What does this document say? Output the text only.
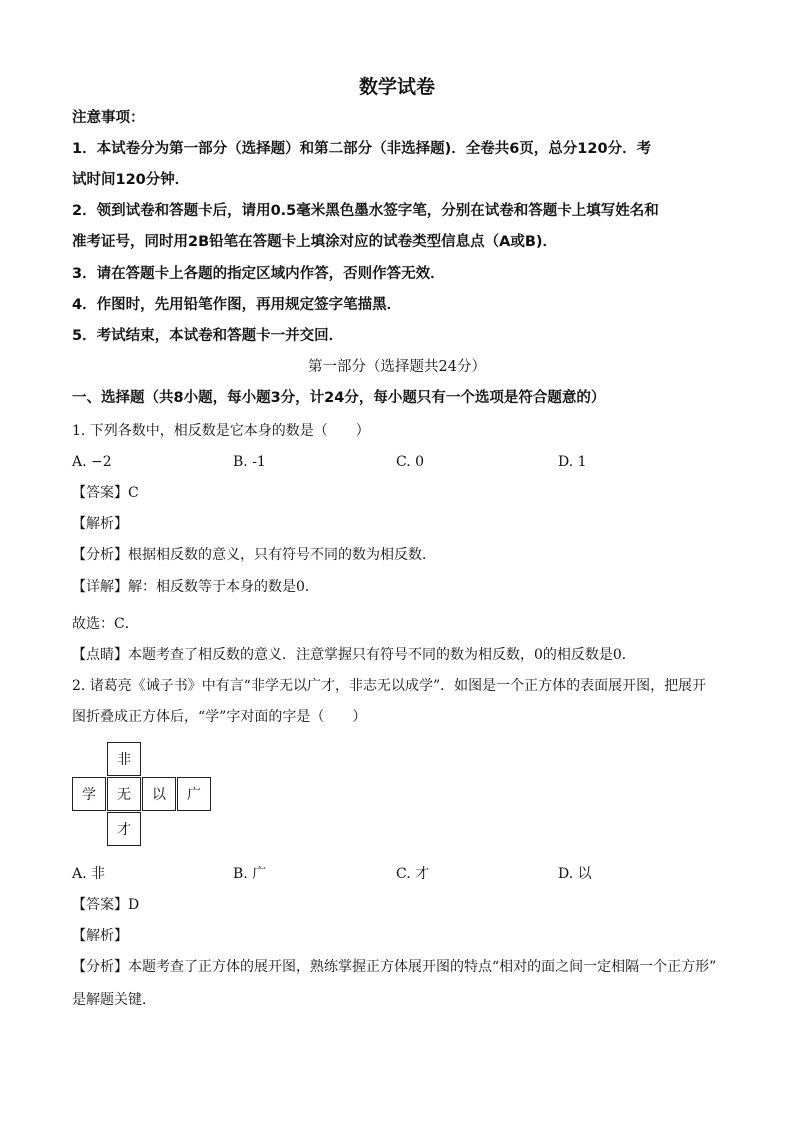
数学试卷
注意事项：
1．本试卷分为第一部分（选择题）和第二部分（非选择题)．全卷共6页，总分120分．考
试时间120分钟．
2．领到试卷和答题卡后，请用0.5毫米黑色墨水签字笔，分别在试卷和答题卡上填写姓名和
准考证号，同时用2B铅笔在答题卡上填涂对应的试卷类型信息点（A或B)．
3．请在答题卡上各题的指定区域内作答，否则作答无效．
4．作图时，先用铅笔作图，再用规定签字笔描黑．
5．考试结束，本试卷和答题卡一并交回．
第一部分（选择题共24分）
一、选择题（共8小题，每小题3分，计24分，每小题只有一个选项是符合题意的）
1. 下列各数中，相反数是它本身的数是（　　）
A. −2	B. -1	C. 0	D. 1
【答案】C
【解析】
【分析】根据相反数的意义，只有符号不同的数为相反数．
【详解】解：相反数等于本身的数是0．
故选：C．
【点睛】本题考查了相反数的意义．注意掌握只有符号不同的数为相反数，0的相反数是0．
2. 诸葛亮《诫子书》中有言“非学无以广才，非志无以成学”．如图是一个正方体的表面展开图，把展开
图折叠成正方体后，“学”字对面的字是（　　）
非
学	无	以	广
才
A. 非	B. 广	C. 才	D. 以
【答案】D
【解析】
【分析】本题考查了正方体的展开图，熟练掌握正方体展开图的特点“相对的面之间一定相隔一个正方形”
是解题关键．
